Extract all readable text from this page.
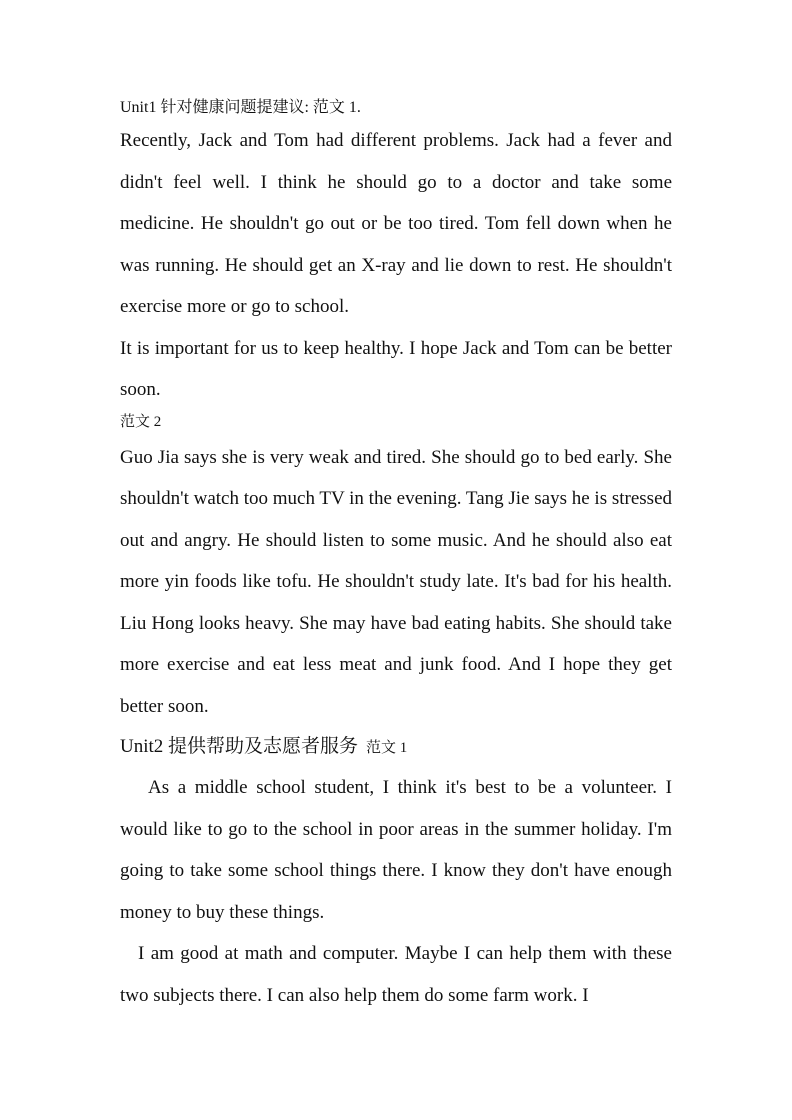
Unit1 针对健康问题提建议: 范文 1.

Recently, Jack and Tom had different problems. Jack had a fever and didn't feel well. I think he should go to a doctor and take some medicine. He shouldn't go out or be too tired. Tom fell down when he was running. He should get an X-ray and lie down to rest. He shouldn't exercise more or go to school.

It is important for us to keep healthy. I hope Jack and Tom can be better soon.

范文 2

Guo Jia says she is very weak and tired. She should go to bed early. She shouldn't watch too much TV in the evening. Tang Jie says he is stressed out and angry. He should listen to some music. And he should also eat more yin foods like tofu. He shouldn't study late. It's bad for his health. Liu Hong looks heavy. She may have bad eating habits. She should take more exercise and eat less meat and junk food. And I hope they get better soon.

Unit2 提供帮助及志愿者服务 范文 1

As a middle school student, I think it's best to be a volunteer. I would like to go to the school in poor areas in the summer holiday. I'm going to take some school things there. I know they don't have enough money to buy these things.

I am good at math and computer. Maybe I can help them with these two subjects there. I can also help them do some farm work. I
